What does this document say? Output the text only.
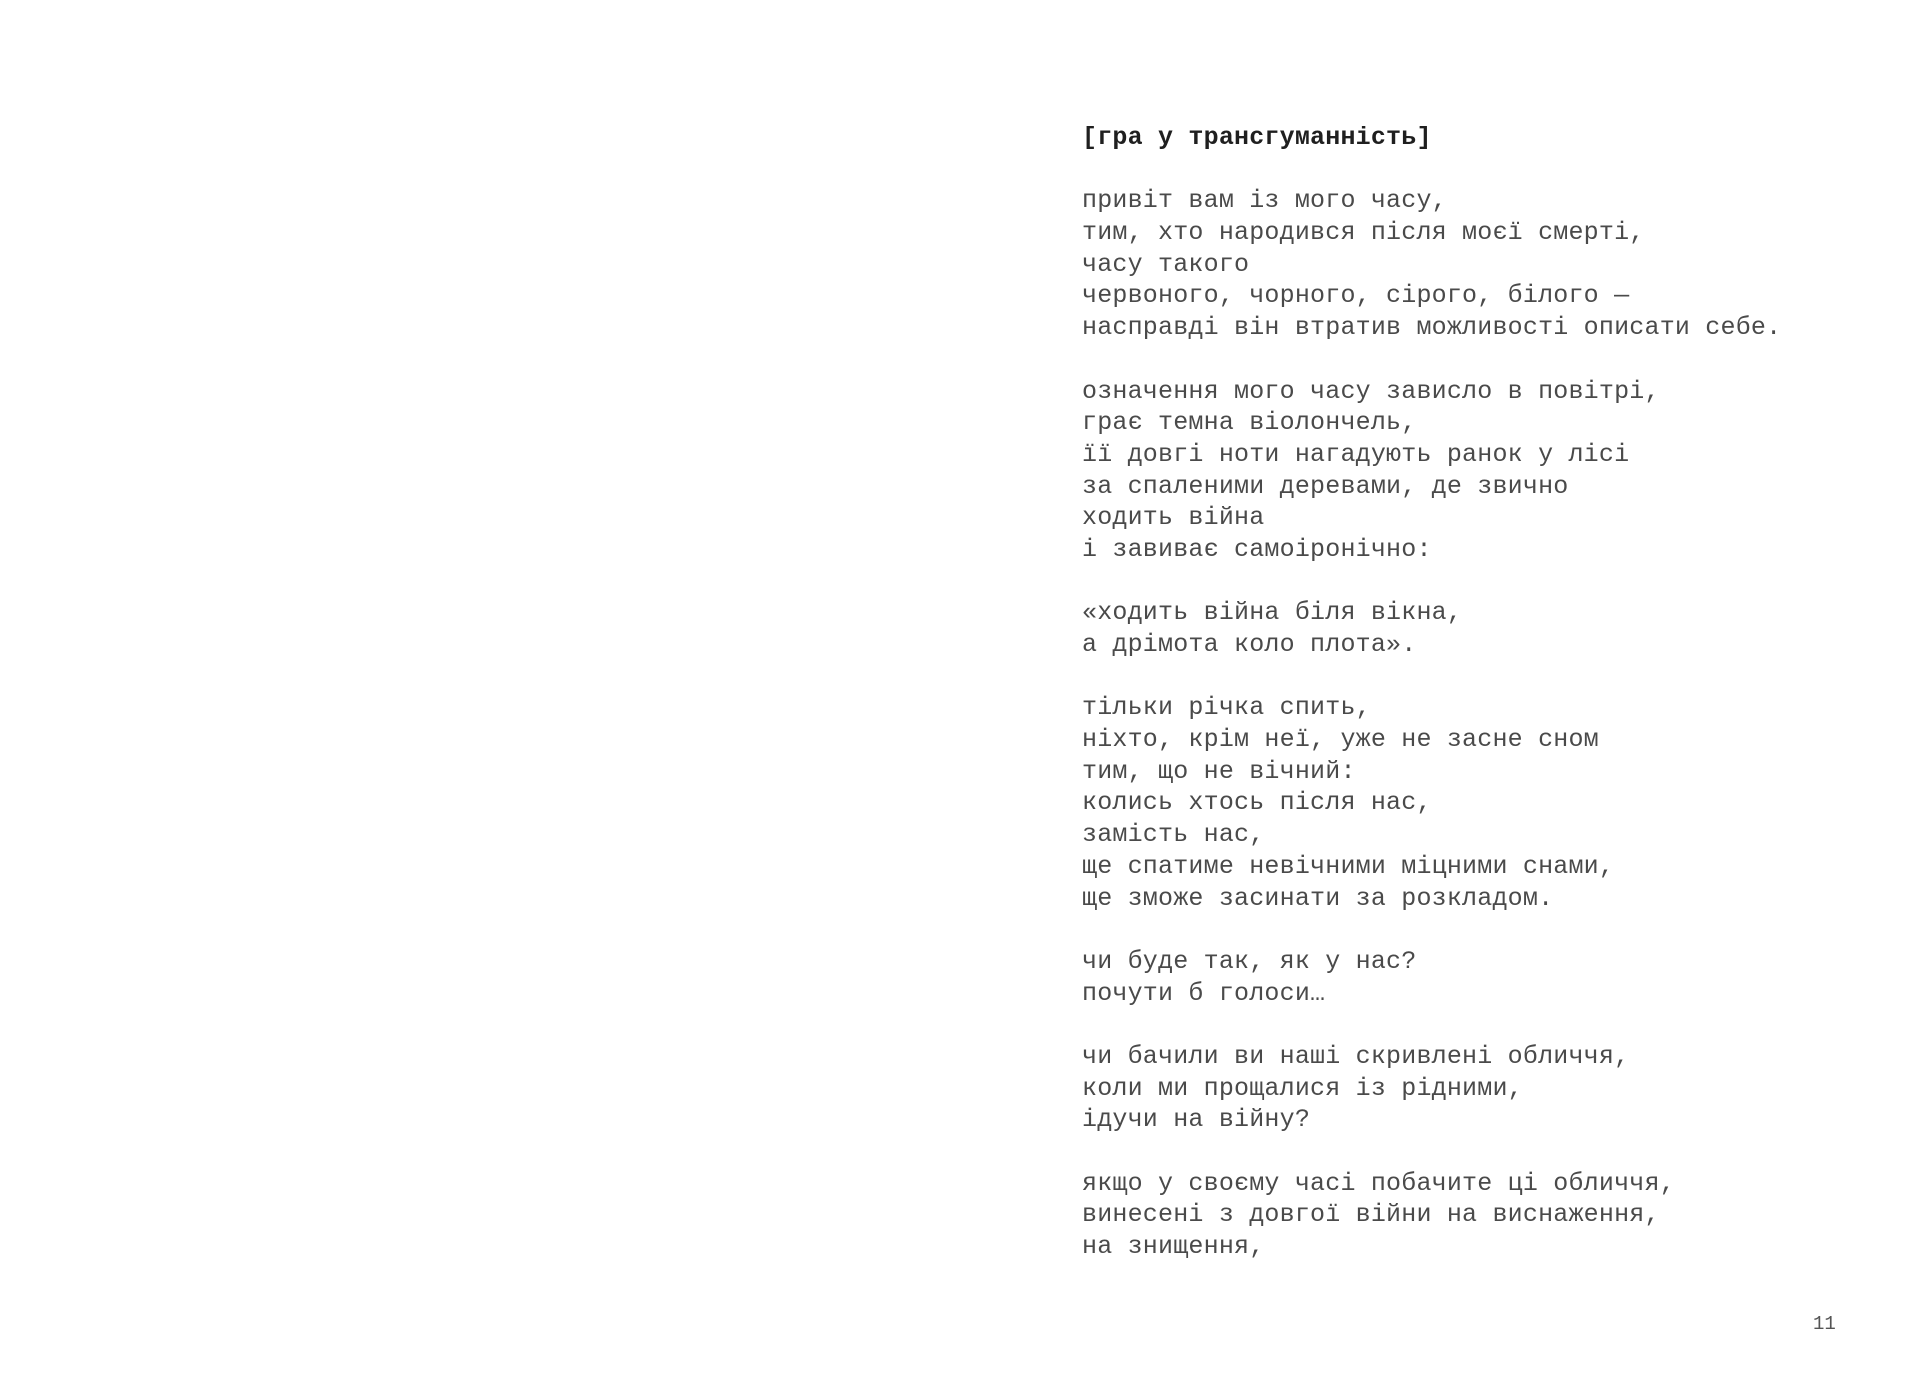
[гра у трансгуманність]
привіт вам із мого часу,
тим, хто народився після моєї смерті,
часу такого
червоного, чорного, сірого, білого —
насправді він втратив можливості описати себе.
означення мого часу зависло в повітрі,
грає темна віолончель,
її довгі ноти нагадують ранок у лісі
за спаленими деревами, де звично
ходить війна
і завиває самоіронічно:
«ходить війна біля вікна,
а дрімота коло плота».
тільки річка спить,
ніхто, крім неї, уже не засне сном
тим, що не вічний:
колись хтось після нас,
замість нас,
ще спатиме невічними міцними снами,
ще зможе засинати за розкладом.
чи буде так, як у нас?
почути б голоси…
чи бачили ви наші скривлені обличчя,
коли ми прощалися із рідними,
ідучи на війну?
якщо у своєму часі побачите ці обличчя,
винесені з довгої війни на виснаження,
на знищення,
11
